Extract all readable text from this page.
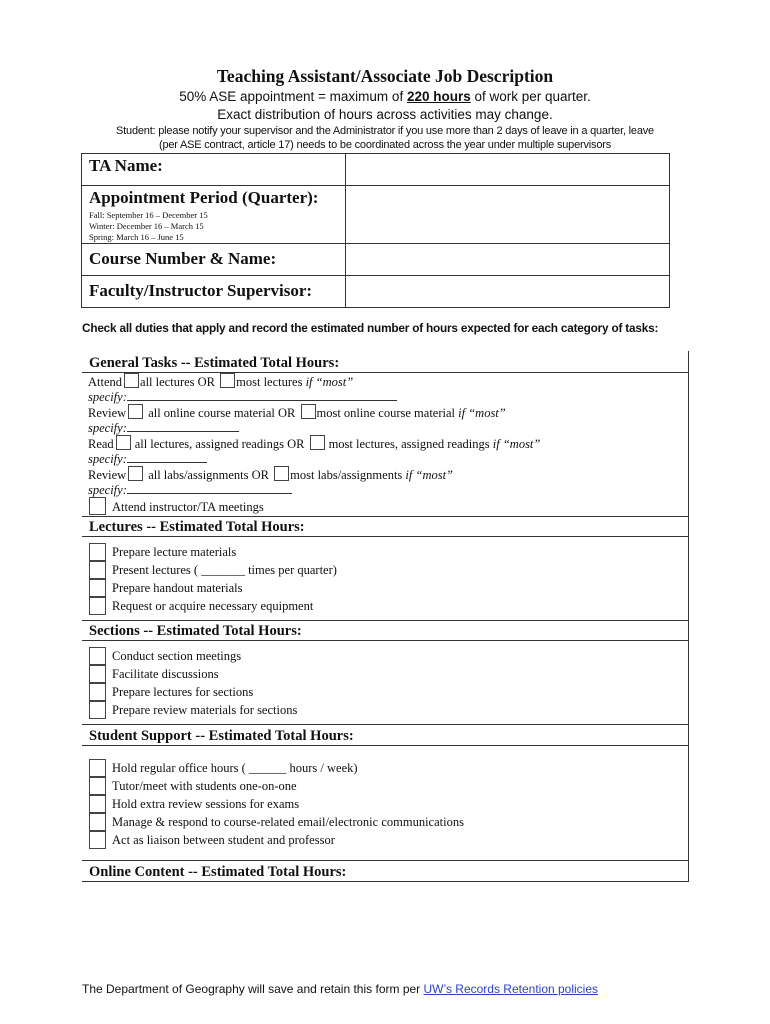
Teaching Assistant/Associate Job Description
50% ASE appointment = maximum of 220 hours of work per quarter.
Exact distribution of hours across activities may change.
Student: please notify your supervisor and the Administrator if you use more than 2 days of leave in a quarter, leave
(per ASE contract, article 17) needs to be coordinated across the year under multiple supervisors
TA Name:	

Appointment Period (Quarter):
Fall: September 16 – December 15
Winter: December 16 – March 15
Spring: March 16 – June 15	

Course Number & Name:	
Faculty/Instructor Supervisor:	
Check all duties that apply and record the estimated number of hours expected for each category of tasks:
General Tasks -- Estimated Total Hours:
Attend all lectures OR most lectures if “most”
specify:
Review all online course material OR most online course material if “most”
specify:
Read all lectures, assigned readings OR most lectures, assigned readings if “most”
specify:
Review all labs/assignments OR most labs/assignments if “most”
specify:
Attend instructor/TA meetings
Lectures -- Estimated Total Hours:
Prepare lecture materials
Present lectures ( _______ times per quarter)
Prepare handout materials
Request or acquire necessary equipment
Sections -- Estimated Total Hours:
Conduct section meetings
Facilitate discussions
Prepare lectures for sections
Prepare review materials for sections
Student Support -- Estimated Total Hours:
Hold regular office hours ( ______ hours / week)
Tutor/meet with students one-on-one
Hold extra review sessions for exams
Manage & respond to course-related email/electronic communications
Act as liaison between student and professor
Online Content -- Estimated Total Hours:
The Department of Geography will save and retain this form per UW’s Records Retention policies
